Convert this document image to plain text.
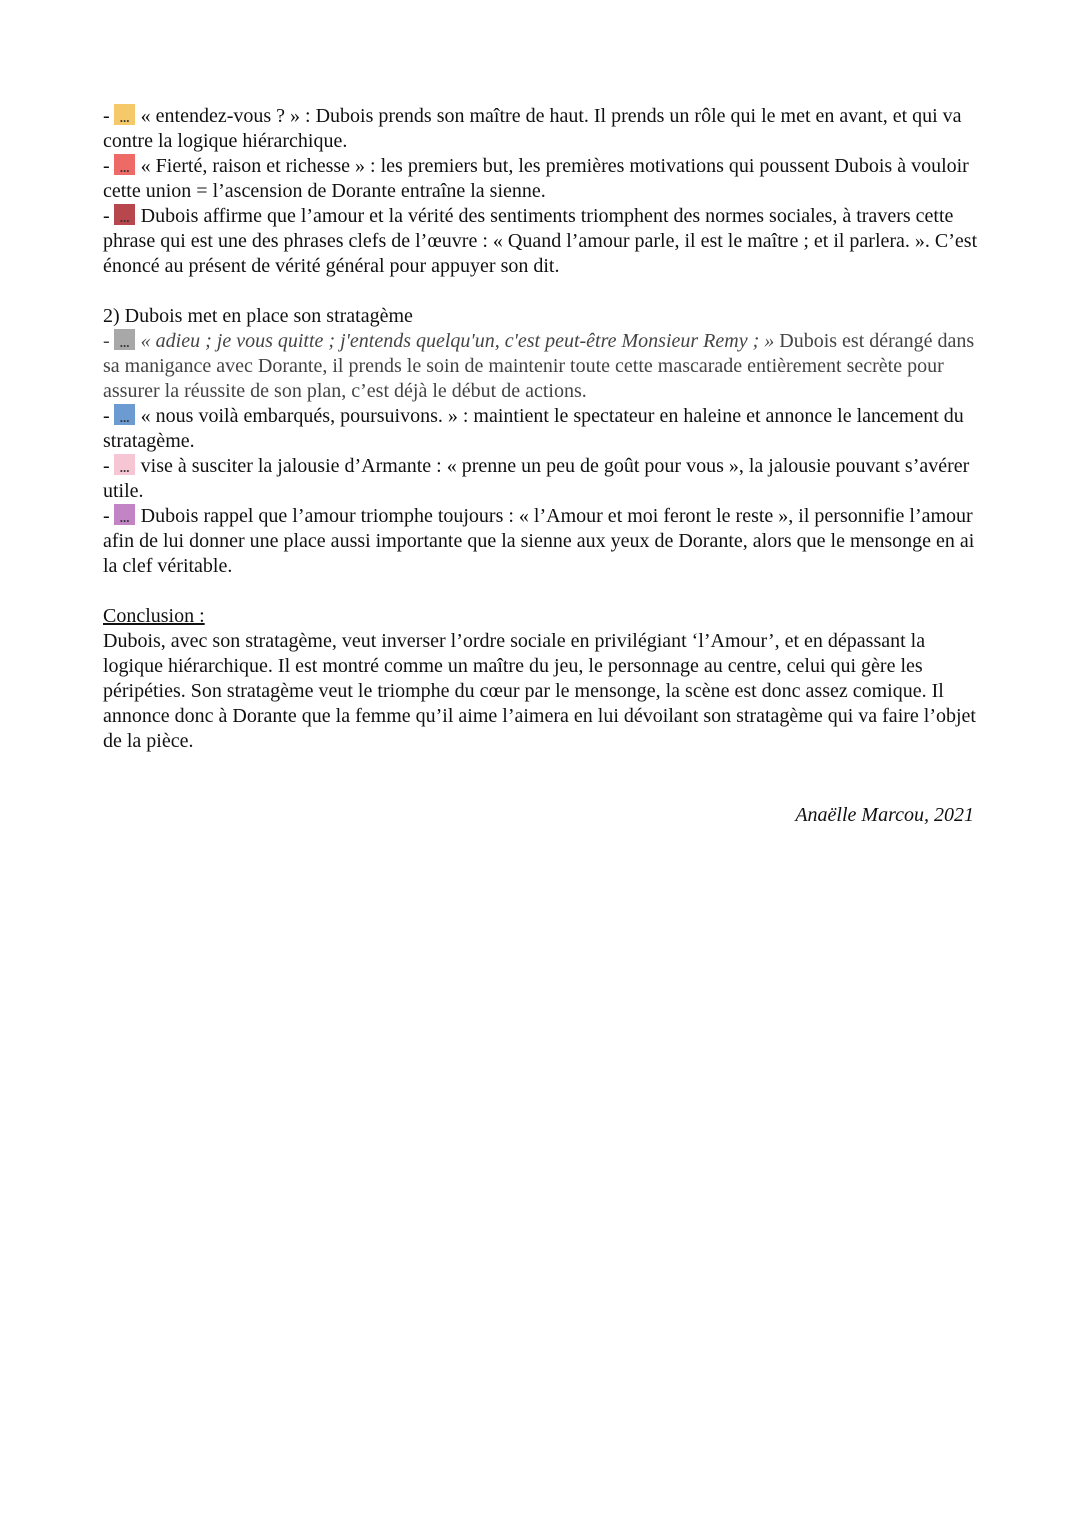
- ... « entendez-vous ? » : Dubois prends son maître de haut. Il prends un rôle qui le met en avant, et qui va contre la logique hiérarchique.

- ... « Fierté, raison et richesse » : les premiers but, les premières motivations qui poussent Dubois à vouloir cette union = l’ascension de Dorante entraîne la sienne.

- ... Dubois affirme que l’amour et la vérité des sentiments triomphent des normes sociales, à travers cette phrase qui est une des phrases clefs de l’œuvre : « Quand l’amour parle, il est le maître ; et il parlera. ». C’est énoncé au présent de vérité général pour appuyer son dit.

2) Dubois met en place son stratagème

- ... « adieu ; je vous quitte ; j'entends quelqu'un, c'est peut-être Monsieur Remy ; » Dubois est dérangé dans sa manigance avec Dorante, il prends le soin de maintenir toute cette mascarade entièrement secrète pour assurer la réussite de son plan, c’est déjà le début de actions.

- ... « nous voilà embarqués, poursuivons. » : maintient le spectateur en haleine et annonce le lancement du stratagème.

- ... vise à susciter la jalousie d’Armante : « prenne un peu de goût pour vous », la jalousie pouvant s’avérer utile.

- ... Dubois rappel que l’amour triomphe toujours : « l’Amour et moi feront le reste », il personnifie l’amour afin de lui donner une place aussi importante que la sienne aux yeux de Dorante, alors que le mensonge en ai la clef véritable.

Conclusion :

Dubois, avec son stratagème, veut inverser l’ordre sociale en privilégiant ‘l’Amour’, et en dépassant la logique hiérarchique. Il est montré comme un maître du jeu, le personnage au centre, celui qui gère les péripéties. Son stratagème veut le triomphe du cœur par le mensonge, la scène est donc assez comique. Il annonce donc à Dorante que la femme qu’il aime l’aimera en lui dévoilant son stratagème qui va faire l’objet de la pièce.

Anaëlle Marcou, 2021
